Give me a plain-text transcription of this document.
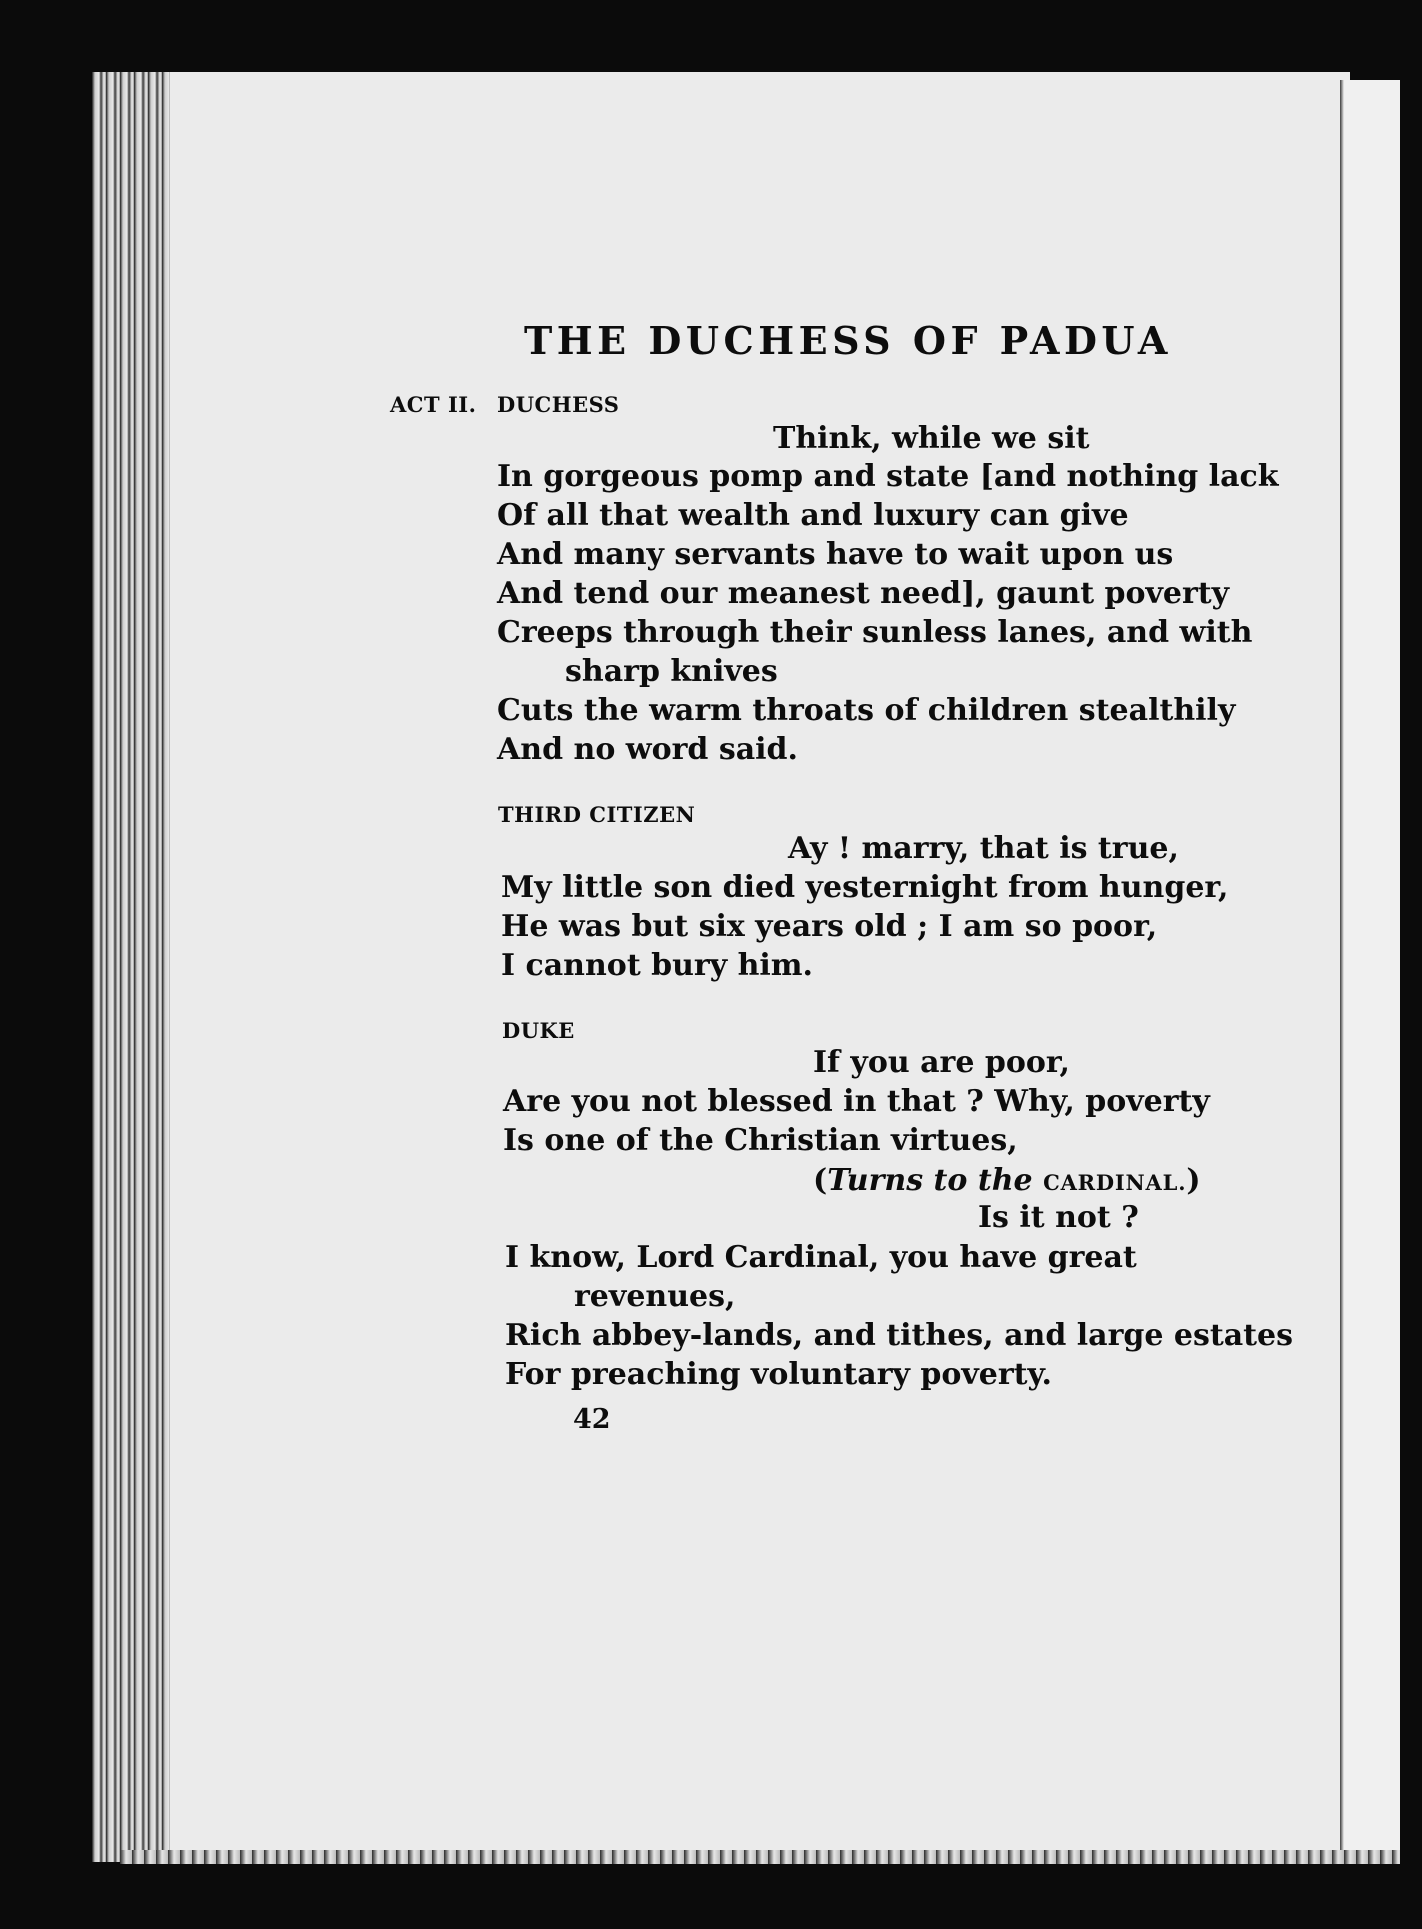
THE DUCHESS OF PADUA
ACT II. DUCHESS
Think, while we sit
In gorgeous pomp and state [and nothing lack
Of all that wealth and luxury can give
And many servants have to wait upon us
And tend our meanest need], gaunt poverty
Creeps through their sunless lanes, and with
sharp knives
Cuts the warm throats of children stealthily
And no word said.
THIRD CITIZEN
Ay ! marry, that is true,
My little son died yesternight from hunger,
He was but six years old ; I am so poor,
I cannot bury him.
DUKE
If you are poor,
Are you not blessed in that ? Why, poverty
Is one of the Christian virtues,
(Turns to the CARDINAL.)
Is it not ?
I know, Lord Cardinal, you have great
revenues,
Rich abbey-lands, and tithes, and large estates
For preaching voluntary poverty.
42
